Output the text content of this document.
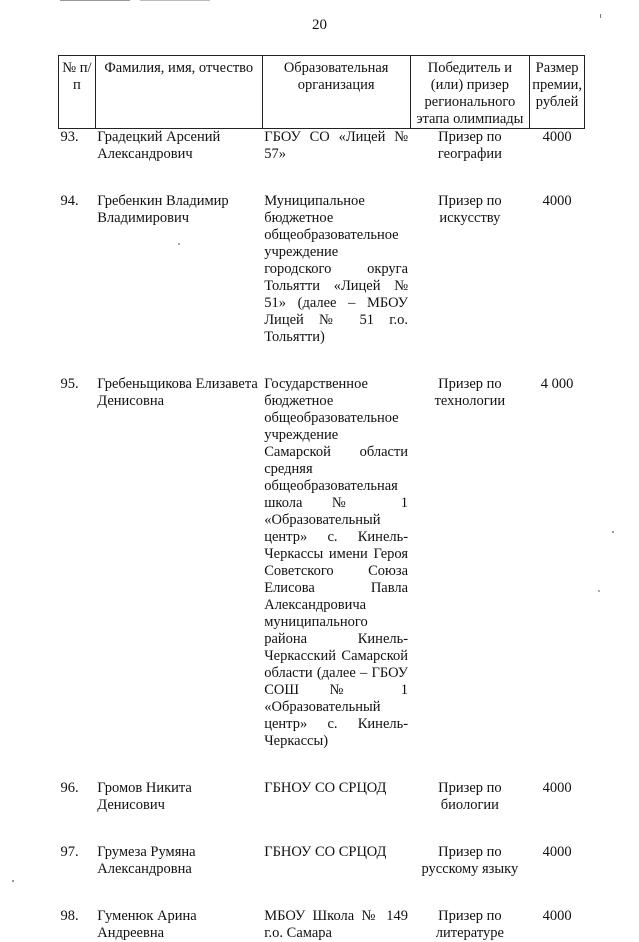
20
№ п/п	Фамилия, имя, отчество	Образовательная организация	Победитель и (или) призер регионального этапа олимпиады	Размер премии, рублей
93.	Градецкий Арсений Александрович	ГБОУ СО «Лицей № 57»	Призер по географии	4000

94.	Гребенкин Владимир Владимирович	Муниципальное бюджетное общеобразовательное учреждение городского округа Тольятти «Лицей № 51» (далее – МБОУ Лицей № 51 г.о. Тольятти)	Призер по искусству	4000

95.	Гребеньщикова Елизавета Денисовна	Государственное бюджетное общеобразовательное учреждение Самарской области средняя общеобразовательная школа № 1 «Образовательный центр» с. Кинель-Черкассы имени Героя Советского Союза Елисова Павла Александровича муниципального района Кинель-Черкасский Самарской области (далее – ГБОУ СОШ № 1 «Образовательный центр» с. Кинель-Черкассы)	Призер по технологии	4 000

96.	Громов Никита Денисович	ГБНОУ СО СРЦОД	Призер по биологии	4000

97.	Грумеза Румяна Александровна	ГБНОУ СО СРЦОД	Призер по русскому языку	4000

98.	Гуменюк Арина Андреевна	МБОУ Школа № 149 г.о. Самара	Призер по литературе	4000
